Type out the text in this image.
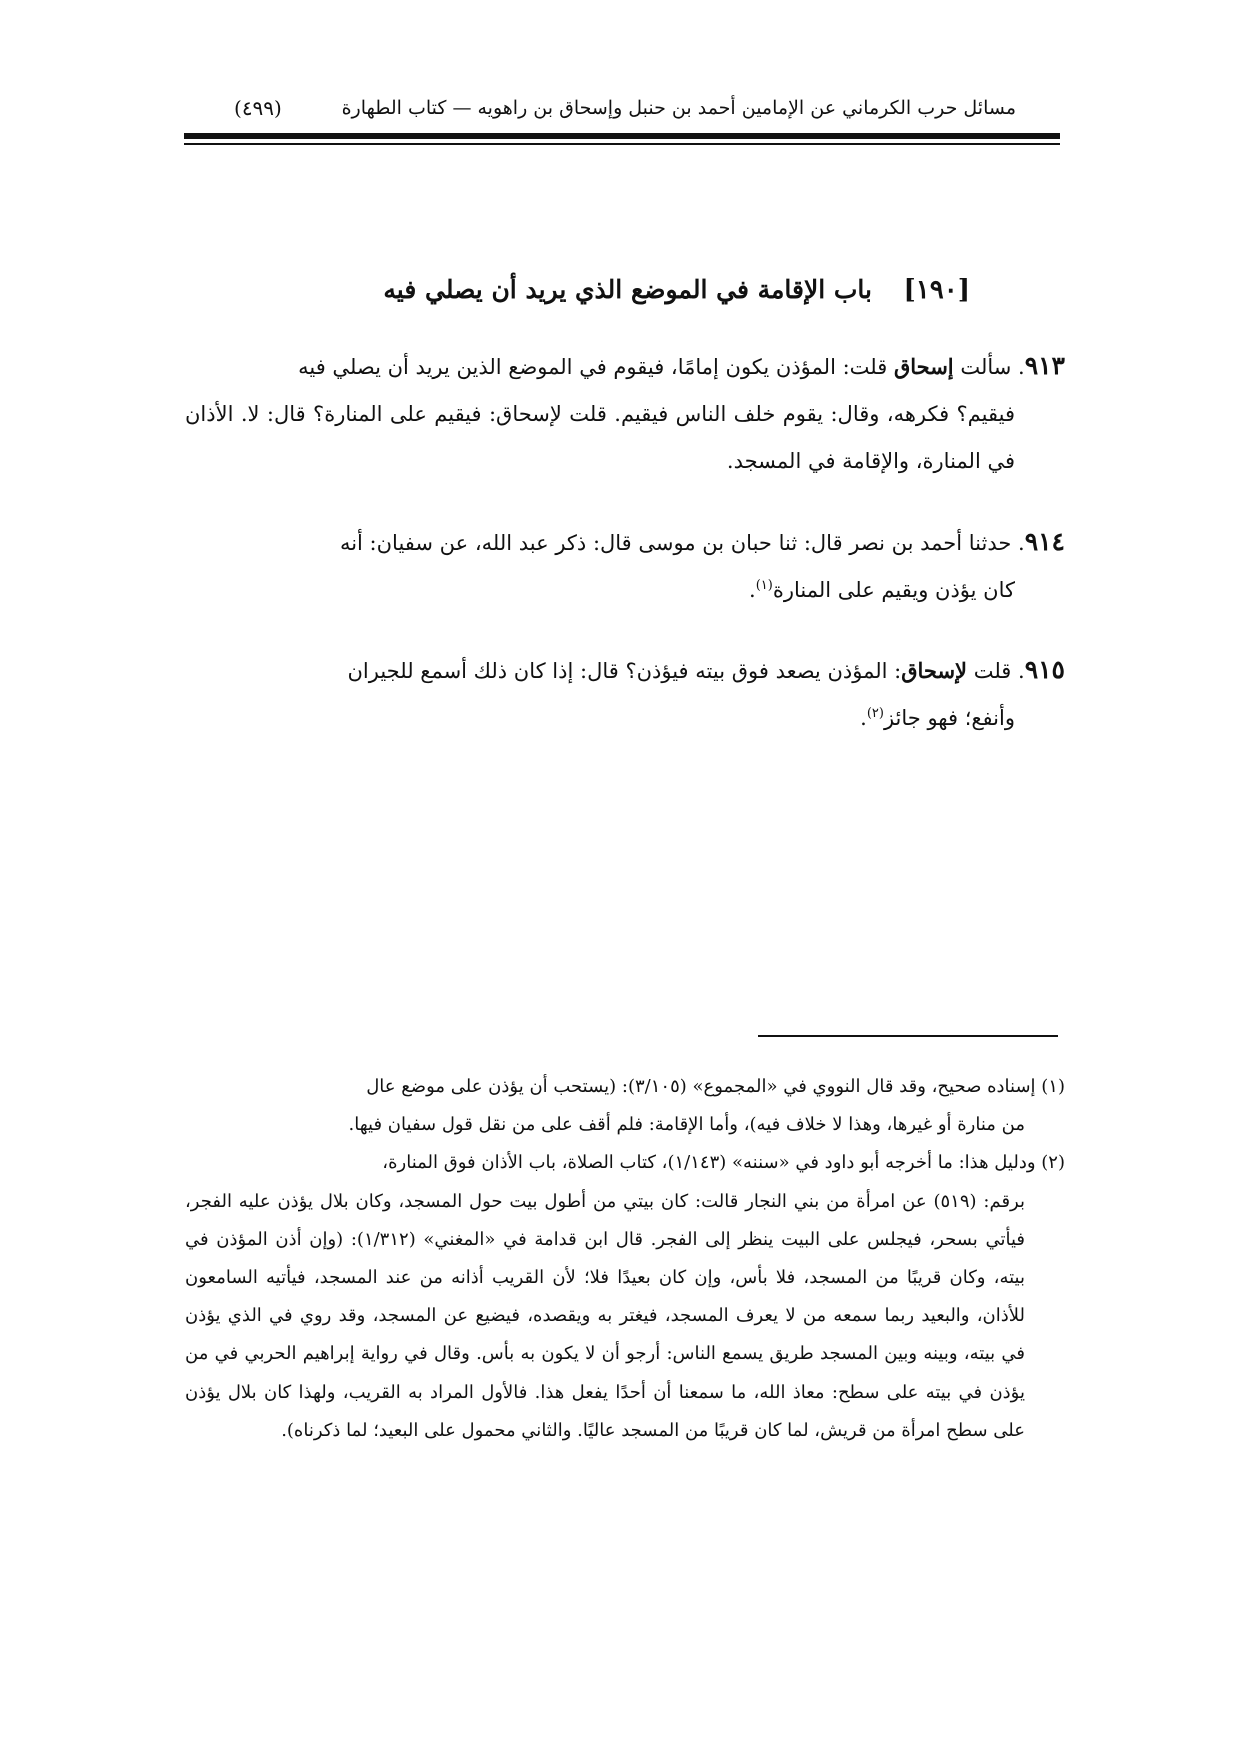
مسائل حرب الكرماني عن الإمامين أحمد بن حنبل وإسحاق بن راهويه — كتاب الطهارة
(٤٩٩)
[١٩٠]
باب الإقامة في الموضع الذي يريد أن يصلي فيه
٩١٣. سألت إسحاق قلت: المؤذن يكون إمامًا، فيقوم في الموضع الذين يريد أن يصلي فيه
فيقيم؟ فكرهه، وقال: يقوم خلف الناس فيقيم. قلت لإسحاق: فيقيم على المنارة؟ قال: لا. الأذان في المنارة، والإقامة في المسجد.
٩١٤. حدثنا أحمد بن نصر قال: ثنا حبان بن موسى قال: ذكر عبد الله، عن سفيان: أنه
كان يؤذن ويقيم على المنارة$^{(١)}$.
٩١٥. قلت لإسحاق: المؤذن يصعد فوق بيته فيؤذن؟ قال: إذا كان ذلك أسمع للجيران
وأنفع؛ فهو جائز$^{(٢)}$.
(١) إسناده صحيح، وقد قال النووي في «المجموع» (٣/١٠٥): (يستحب أن يؤذن على موضع عال
من منارة أو غيرها، وهذا لا خلاف فيه)، وأما الإقامة: فلم أقف على من نقل قول سفيان فيها.
(٢) ودليل هذا: ما أخرجه أبو داود في «سننه» (١/١٤٣)، كتاب الصلاة، باب الأذان فوق المنارة،
برقم: (٥١٩) عن امرأة من بني النجار قالت: كان بيتي من أطول بيت حول المسجد، وكان بلال يؤذن عليه الفجر، فيأتي بسحر، فيجلس على البيت ينظر إلى الفجر. قال ابن قدامة في «المغني» (١/٣١٢): (وإن أذن المؤذن في بيته، وكان قريبًا من المسجد، فلا بأس، وإن كان بعيدًا فلا؛ لأن القريب أذانه من عند المسجد، فيأتيه السامعون للأذان، والبعيد ربما سمعه من لا يعرف المسجد، فيغتر به ويقصده، فيضيع عن المسجد، وقد روي في الذي يؤذن في بيته، وبينه وبين المسجد طريق يسمع الناس: أرجو أن لا يكون به بأس. وقال في رواية إبراهيم الحربي في من يؤذن في بيته على سطح: معاذ الله، ما سمعنا أن أحدًا يفعل هذا. فالأول المراد به القريب، ولهذا كان بلال يؤذن على سطح امرأة من قريش، لما كان قريبًا من المسجد عاليًا. والثاني محمول على البعيد؛ لما ذكرناه).
